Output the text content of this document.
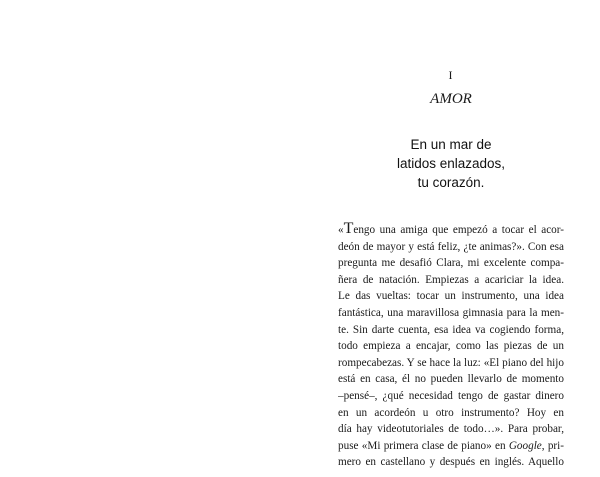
I
AMOR
En un mar de
latidos enlazados,
tu corazón.
«Tengo una amiga que empezó a tocar el acor-
deón de mayor y está feliz, ¿te animas?». Con esa
pregunta me desafió Clara, mi excelente compa-
ñera de natación. Empiezas a acariciar la idea.
Le das vueltas: tocar un instrumento, una idea
fantástica, una maravillosa gimnasia para la men-
te. Sin darte cuenta, esa idea va cogiendo forma,
todo empieza a encajar, como las piezas de un
rompecabezas. Y se hace la luz: «El piano del hijo
está en casa, él no pueden llevarlo de momento
–pensé–, ¿qué necesidad tengo de gastar dinero
en un acordeón u otro instrumento? Hoy en
día hay videotutoriales de todo…». Para probar,
puse «Mi primera clase de piano» en Google, pri-
mero en castellano y después en inglés. Aquello
